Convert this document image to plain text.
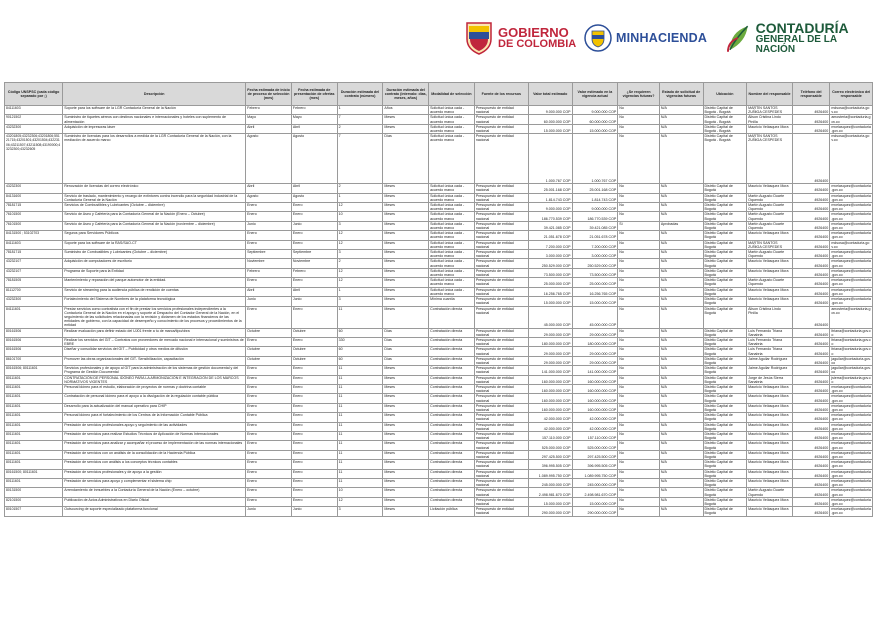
GOBIERNO
DE COLOMBIA	MINHACIENDA
CONTADURÍA
GENERAL DE LA NACIÓN
Código UNSPSC (cada código separado por ;)	Descripción	Fecha estimada de inicio de proceso de selección (mes)	Fecha estimada de presentación de ofertas (mes)	Duración estimada del contrato (número)	Duración estimada del contrato (intervalo: días, meses, años)	Modalidad de selección	Fuente de los recursos	Valor total estimado	Valor estimado en la vigencia actual	¿Se requieren vigencias futuras?	Estado de solicitud de vigencias futuras	Ubicación	Nombre del responsable	Teléfono del responsable	Correo electrónico del responsable
84111603	Soporte para los software de la LGR Contaduría General de la Nación	Febrero	Febrero	1	Años	Solicitud única cada - acuerdo marco	Presupuesto de entidad nacional	9.000.000 COP	9.000.000 COP	No	N/A	Distrito Capital de Bogotá - Bogotá	MARTIN SANTOS ZUÑIGA CESPEDES	4926400	mdsosa@contaduria.gov.co
90121502	Suministro de tiquetes aéreos con destinos nacionales e internacionales y hoteles con suplemento de alimentación	Mayo	Mayo	7	Meses	Solicitud única cada - acuerdo marco	Presupuesto de entidad nacional	60.000.000 COP	60.000.000 COP	No	N/A	Distrito Capital de Bogotá - Bogotá	Álison Cristina Lindo Pinilla	4926400	amosteria@contaduria.gov.co
43232300	Adquisición de impresoras láser	Abril	Abril	2	Meses	Solicitud única cada - acuerdo marco	Presupuesto de entidad nacional	15.000.000 COP	15.000.000 COP	No	N/A	Distrito Capital de Bogotá - Bogotá	Mauricio Velásquez Mora	4926400	mvelasquez@contaduria.gov.co
43201805;43232306;43201806;55121715;43201501;43201504;43223106;43211507;43211508;43190000;43232300;43232605	Suministro de licencias para los desarrollos a medida de la LGR Contaduría General de la Nación, con la mediación de acuerdo marco	Agosto	Agosto	7	Días	Solicitud única cada - acuerdo marco	Presupuesto de entidad nacional	1.000.767 COP	1.000.767 COP	No	N/A	Distrito Capital de Bogotá - Bogotá	MARTIN SANTOS ZUÑIGA CESPEDES	4926400	mdsosa@contaduria.gov.co
43232300	Renovación de licencias del correo electrónico	Abril	Abril	2	Meses	Solicitud única cada - acuerdo marco	Presupuesto de entidad nacional	25.001.168 COP	25.001.168 COP	No	N/A	Distrito Capital de Bogotá	Mauricio Velásquez Mora	4926400	mvelasquez@contaduria.gov.co
84131600	Servicio de traslado, mantenimiento y recargo de extintores contra incendio para la seguridad industrial de la Contaduría General de la Nación	Agosto	Agosto	1	Meses	Solicitud única cada - acuerdo marco	Presupuesto de entidad nacional	1.814.743 COP	1.814.743 COP	No	N/A	Distrito Capital de Bogotá	Martín Augusto Duarte Oquendo	4926400	mvelasquez@contaduria.gov.co
78181715	Servicios de Combustibles y Lubricantes (Octubre – diciembre)	Enero	Enero	12	Meses	Solicitud única cada - acuerdo marco	Presupuesto de entidad nacional	9.000.000 COP	9.000.000 COP	No	N/A	Distrito Capital de Bogotá	Martín Augusto Duarte Oquendo	4926400	mvelasquez@contaduria.gov.co
76101500	Servicio de Aseo y Cafetería para la Contaduría General de la Nación (Enero – Octubre)	Enero	Enero	10	Meses	Solicitud única cada - acuerdo marco	Presupuesto de entidad nacional	186.770.539 COP	186.770.539 COP	No	N/A	Distrito Capital de Bogotá	Martín Augusto Duarte Oquendo	4926400	mvelasquez@contaduria.gov.co
76101500	Servicio de Aseo y Cafetería para la Contaduría General de la Nación (noviembre – diciembre)	Junio	Junio	3	Meses	Solicitud única cada - acuerdo marco	Presupuesto de entidad nacional	39.421.085 COP	39.421.085 COP	Sí	Aprobadas	Distrito Capital de Bogotá	Martín Augusto Duarte Oquendo	4926400	mvelasquez@contaduria.gov.co
84131500 ; 53102703	Seguros para Servidores Públicos	Enero	Enero	12	Meses	Solicitud única cada - acuerdo marco	Presupuesto de entidad nacional	21.051.678 COP	21.051.678 COP	No	N/A	Distrito Capital de Bogotá	Mauricio Velásquez Mora	4926400	mvelasquez@contaduria.gov.co
84111603	Soporte para los software de la RAS/SAO-CT	Enero	Enero	12	Meses	Solicitud única cada - acuerdo marco	Presupuesto de entidad nacional	7.200.000 COP	7.200.000 COP	No	N/A	Distrito Capital de Bogotá	MARTIN SANTOS ZUÑIGA CESPEDES	4926400	mdsosa@contaduria.gov.co
78181715	Suministro de Combustibles y Lubricantes (Octubre – diciembre)	Septiembre	Septiembre	3	Meses	Solicitud única cada - acuerdo marco	Presupuesto de entidad nacional	3.000.000 COP	3.000.000 COP	No	N/A	Distrito Capital de Bogotá	Martín Augusto Duarte Oquendo	4926400	mvelasquez@contaduria.gov.co
43232107	Adquisición de computadores de escritorio	Noviembre	Noviembre	2	Meses	Solicitud única cada - acuerdo marco	Presupuesto de entidad nacional	250.529.000 COP	250.529.000 COP	No	N/A	Distrito Capital de Bogotá	Mauricio Velásquez Mora	4926400	mvelasquez@contaduria.gov.co
43232107	Programa de Soporte para la Entidad	Febrero	Febrero	12	Meses	Solicitud única cada - acuerdo marco	Presupuesto de entidad nacional	73.500.000 COP	73.500.000 COP	No	N/A	Distrito Capital de Bogotá	Mauricio Velásquez Mora	4926400	mvelasquez@contaduria.gov.co
78181505	Mantenimiento y reparación del parque automotor de la entidad.	Enero	Enero	12	Meses	Solicitud única cada - acuerdo marco	Presupuesto de entidad nacional	25.000.000 COP	25.000.000 COP	No	N/A	Distrito Capital de Bogotá	Martín Augusto Duarte Oquendo	4926400	mvelasquez@contaduria.gov.co
81112700	Servicio de streaming para la audiencia pública de rendición de cuentas	Abril	Abril	1	Meses	Solicitud única cada - acuerdo marco	Presupuesto de entidad nacional	16.256.765 COP	16.256.765 COP	No	N/A	Distrito Capital de Bogotá	Mauricio Velásquez Mora	4926400	mvelasquez@contaduria.gov.co
43232300	Fortalecimiento del Sistema de Nombres de la plataforma tecnológica	Junio	Junio	3	Meses	Mínima cuantía	Presupuesto de entidad nacional	15.000.000 COP	15.000.000 COP	No	N/A	Distrito Capital de Bogotá	Mauricio Velásquez Mora	4926400	mvelasquez@contaduria.gov.co
84111601	Prestar servicios como contratista con el fin de prestar los servicios profesionales independientes a la Contaduría General de la Nación en el apoyo y soporte al Despacho del Contador General de la Nación, en el seguimiento de las solicitudes relacionadas con la revisión y dictamen de los estados financieros de las entidades de gobierno, con la capacidad de desempeño y conocimiento de los procesos y procedimientos de la entidad	Enero	Enero	11	Meses	Contratación directa	Presupuesto de entidad nacional	45.000.000 COP	45.000.000 COP	No	N/A	Distrito Capital de Bogotá	Álison Cristina Lindo Pinilla	4926400	amosteria@contaduria.gov.co
80161506	Realizar evaluación para definir estado del UJ01 frente a tu de marca/tipo/obra	Octubre	Octubre	60	Días	Contratación directa	Presupuesto de entidad nacional	29.000.000 COP	29.000.000 COP	No	N/A	Distrito Capital de Bogotá	Luis Fernando Triana Sanabria	4926400	ltriana@contaduria.gov.co
80161506	Realizar los servicios del GIT – Contratos con proveedores de mercado nacional e internacional y suministros de EBRE	Enero	Enero	330	Días	Contratación directa	Presupuesto de entidad nacional	180.000.000 COP	180.000.000 COP	No	N/A	Distrito Capital de Bogotá	Luis Fernando Triana Sanabria	4926400	ltriana@contaduria.gov.co
80161506	Diseñar y consolidar servicios del GIT – Publicidad y otros medios de difusión	Octubre	Octubre	60	Días	Contratación directa	Presupuesto de entidad nacional	29.000.000 COP	29.000.000 COP	No	N/A	Distrito Capital de Bogotá	Luis Fernando Triana Sanabria	4926400	ltriana@contaduria.gov.co
86101700	Promover las obras organizacionales del GIT- Sensibilización, capacitación	Octubre	Octubre	60	Días	Contratación directa	Presupuesto de entidad nacional	29.000.000 COP	29.000.000 COP	No	N/A	Distrito Capital de Bogotá	Jaime Aguilar Rodríguez	4926400	jaguilar@contaduria.gov.co
80161506; 80111601	Servicios profesionales y de apoyo al GIT para la administración de los sistemas de gestión documental y del Programa de Gestión Documental	Enero	Enero	11	Meses	Contratación directa	Presupuesto de entidad nacional	141.000.000 COP	141.000.000 COP	No	N/A	Distrito Capital de Bogotá	Jaime Aguilar Rodríguez	4926400	jaguilar@contaduria.gov.co
80111601	CONTRATACIÓN DE PERSONAL IDÓNEO PARA LA ARMONIZACIÓN E INTEGRACIÓN DE LOS MARCOS NORMATIVOS VIGENTES	Enero	Enero	11	Meses	Contratación directa	Presupuesto de entidad nacional	160.000.000 COP	160.000.000 COP	No	N/A	Distrito Capital de Bogotá	Jorge de Jesús Sierra Sanabria	4926400	jsierra@contaduria.gov.co
80111601	Personal idóneo para el estudio, elaboración de proyectos de normas y doctrina contable	Enero	Enero	11	Meses	Contratación directa	Presupuesto de entidad nacional	160.000.000 COP	160.000.000 COP	No	N/A	Distrito Capital de Bogotá	Mauricio Velásquez Mora	4926400	mvelasquez@contaduria.gov.co
80111601	Contratación de personal idóneo para el apoyo a la divulgación de la regulación contable pública	Enero	Enero	11	Meses	Contratación directa	Presupuesto de entidad nacional	160.000.000 COP	160.000.000 COP	No	N/A	Distrito Capital de Bogotá	Mauricio Velásquez Mora	4926400	mvelasquez@contaduria.gov.co
80111601	Desarrollo para la actualización del manual operativo para CHIP	Enero	Enero	11	Meses	Contratación directa	Presupuesto de entidad nacional	160.000.000 COP	160.000.000 COP	No	N/A	Distrito Capital de Bogotá	Mauricio Velásquez Mora	4926400	mvelasquez@contaduria.gov.co
80111601	Personal idóneo para el fortalecimiento de los Centros de la Información Contable Pública	Enero	Enero	11	Meses	Contratación directa	Presupuesto de entidad nacional	42.000.000 COP	42.000.000 COP	No	N/A	Distrito Capital de Bogotá	Mauricio Velásquez Mora	4926400	mvelasquez@contaduria.gov.co
80111601	Prestación de servicios profesionales apoyo y seguimiento de las actividades	Enero	Enero	11	Meses	Contratación directa	Presupuesto de entidad nacional	42.000.000 COP	42.000.000 COP	No	N/A	Distrito Capital de Bogotá	Mauricio Velásquez Mora	4926400	mvelasquez@contaduria.gov.co
80111601	Prestación de servicios para realizar Estudios Técnicos de Aplicación de Normas Internacionales	Enero	Enero	11	Meses	Contratación directa	Presupuesto de entidad nacional	157.110.000 COP	157.110.000 COP	No	N/A	Distrito Capital de Bogotá	Mauricio Velásquez Mora	4926400	mvelasquez@contaduria.gov.co
80111601	Prestación de servicios para analizar y acompañar el proceso de implementación de las normas internacionales	Enero	Enero	11	Meses	Contratación directa	Presupuesto de entidad nacional	525.000.000 COP	525.000.000 COP	No	N/A	Distrito Capital de Bogotá	Mauricio Velásquez Mora	4926400	mvelasquez@contaduria.gov.co
80111601	Prestación de servicios con un análisis de la consolidación de la Hacienda Pública	Enero	Enero	11	Meses	Contratación directa	Presupuesto de entidad nacional	297.425.500 COP	297.425.500 COP	No	N/A	Distrito Capital de Bogotá	Mauricio Velásquez Mora	4926400	mvelasquez@contaduria.gov.co
80111601	Prestación de servicios con análisis a los conceptos técnicos contables	Enero	Enero	11	Meses	Contratación directa	Presupuesto de entidad nacional	396.995.505 COP	396.995.505 COP	No	N/A	Distrito Capital de Bogotá	Mauricio Velásquez Mora	4926400	mvelasquez@contaduria.gov.co
80161500; 80111601	Prestación de servicios profesionales y de apoyo a la gestión	Enero	Enero	11	Meses	Contratación directa	Presupuesto de entidad nacional	1.089.995.750 COP	1.089.995.750 COP	No	N/A	Distrito Capital de Bogotá	Mauricio Velásquez Mora	4926400	mvelasquez@contaduria.gov.co
80111601	Prestación de servicios para apoyo y complementar el sistema chip	Enero	Enero	11	Meses	Contratación directa	Presupuesto de entidad nacional	245.000.000 COP	245.000.000 COP	No	N/A	Distrito Capital de Bogotá	Mauricio Velásquez Mora	4926400	mvelasquez@contaduria.gov.co
80131500	Arrendamiento de inmuebles a la Contaduría General de la Nación (Enero – octubre)	Enero	Enero	10	Meses	Contratación directa	Presupuesto de entidad nacional	2.498.981.670 COP	2.498.981.670 COP	No	N/A	Distrito Capital de Bogotá	Martín Augusto Duarte Oquendo	4926400	mvelasquez@contaduria.gov.co
82101500	Publicación de Actos Administrativos en Diario Oficial	Enero	Enero	12	Meses	Contratación directa	Presupuesto de entidad nacional	15.000.000 COP	15.000.000 COP	No	N/A	Distrito Capital de Bogotá	Mauricio Velásquez Mora	4926400	mvelasquez@contaduria.gov.co
80101507	Outsourcing de soporte especializado plataforma funcional	Junio	Junio	3	Meses	Licitación pública	Presupuesto de entidad nacional	290.000.000 COP	290.000.000 COP	No	N/A	Distrito Capital de Bogotá	Mauricio Velásquez Mora	4926400	mvelasquez@contaduria.gov.co
